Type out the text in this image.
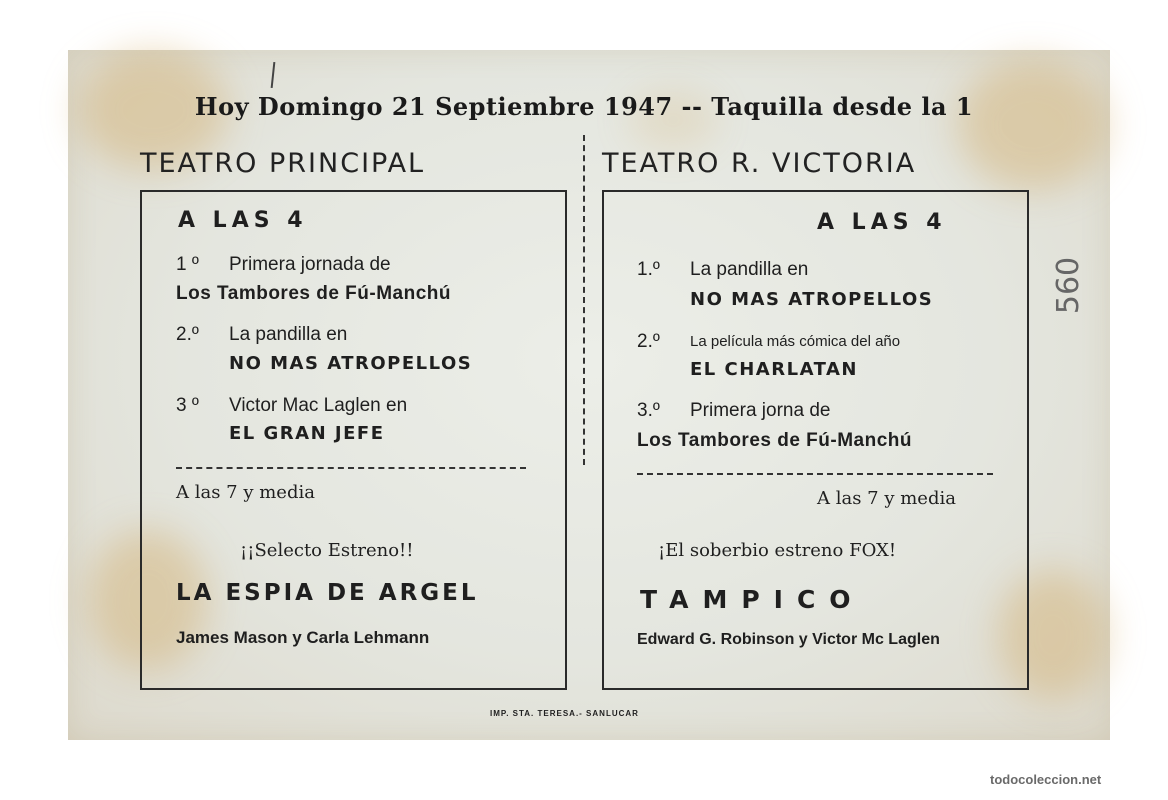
Hoy Domingo 21 Septiembre 1947 -- Taquilla desde la 1
TEATRO PRINCIPAL	TEATRO R. VICTORIA
A LAS 4
1 º Primera jornada de
Los Tambores de Fú-Manchú
2.º La pandilla en
NO MAS ATROPELLOS
3 º Victor Mac Laglen en
EL GRAN JEFE
A las 7 y media
¡¡Selecto Estreno!!
LA ESPIA DE ARGEL
James Mason y Carla Lehmann
A LAS 4
1.º La pandilla en
NO MAS ATROPELLOS
2.º La película más cómica del año
EL CHARLATAN
3.º Primera jorna de
Los Tambores de Fú-Manchú
A las 7 y media
¡El soberbio estreno FOX!
TAMPICO
Edward G. Robinson y Victor Mc Laglen
IMP. STA. TERESA.- SANLUCAR
560
todocoleccion.net
